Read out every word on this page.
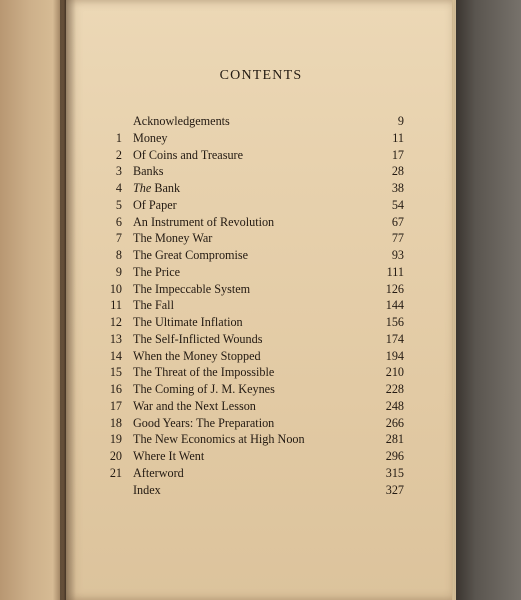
CONTENTS
Acknowledgements	9
1 Money	11
2 Of Coins and Treasure	17
3 Banks	28
4 The Bank	38
5 Of Paper	54
6 An Instrument of Revolution	67
7 The Money War	77
8 The Great Compromise	93
9 The Price	111
10 The Impeccable System	126
11 The Fall	144
12 The Ultimate Inflation	156
13 The Self-Inflicted Wounds	174
14 When the Money Stopped	194
15 The Threat of the Impossible	210
16 The Coming of J. M. Keynes	228
17 War and the Next Lesson	248
18 Good Years: The Preparation	266
19 The New Economics at High Noon	281
20 Where It Went	296
21 Afterword	315
Index	327
